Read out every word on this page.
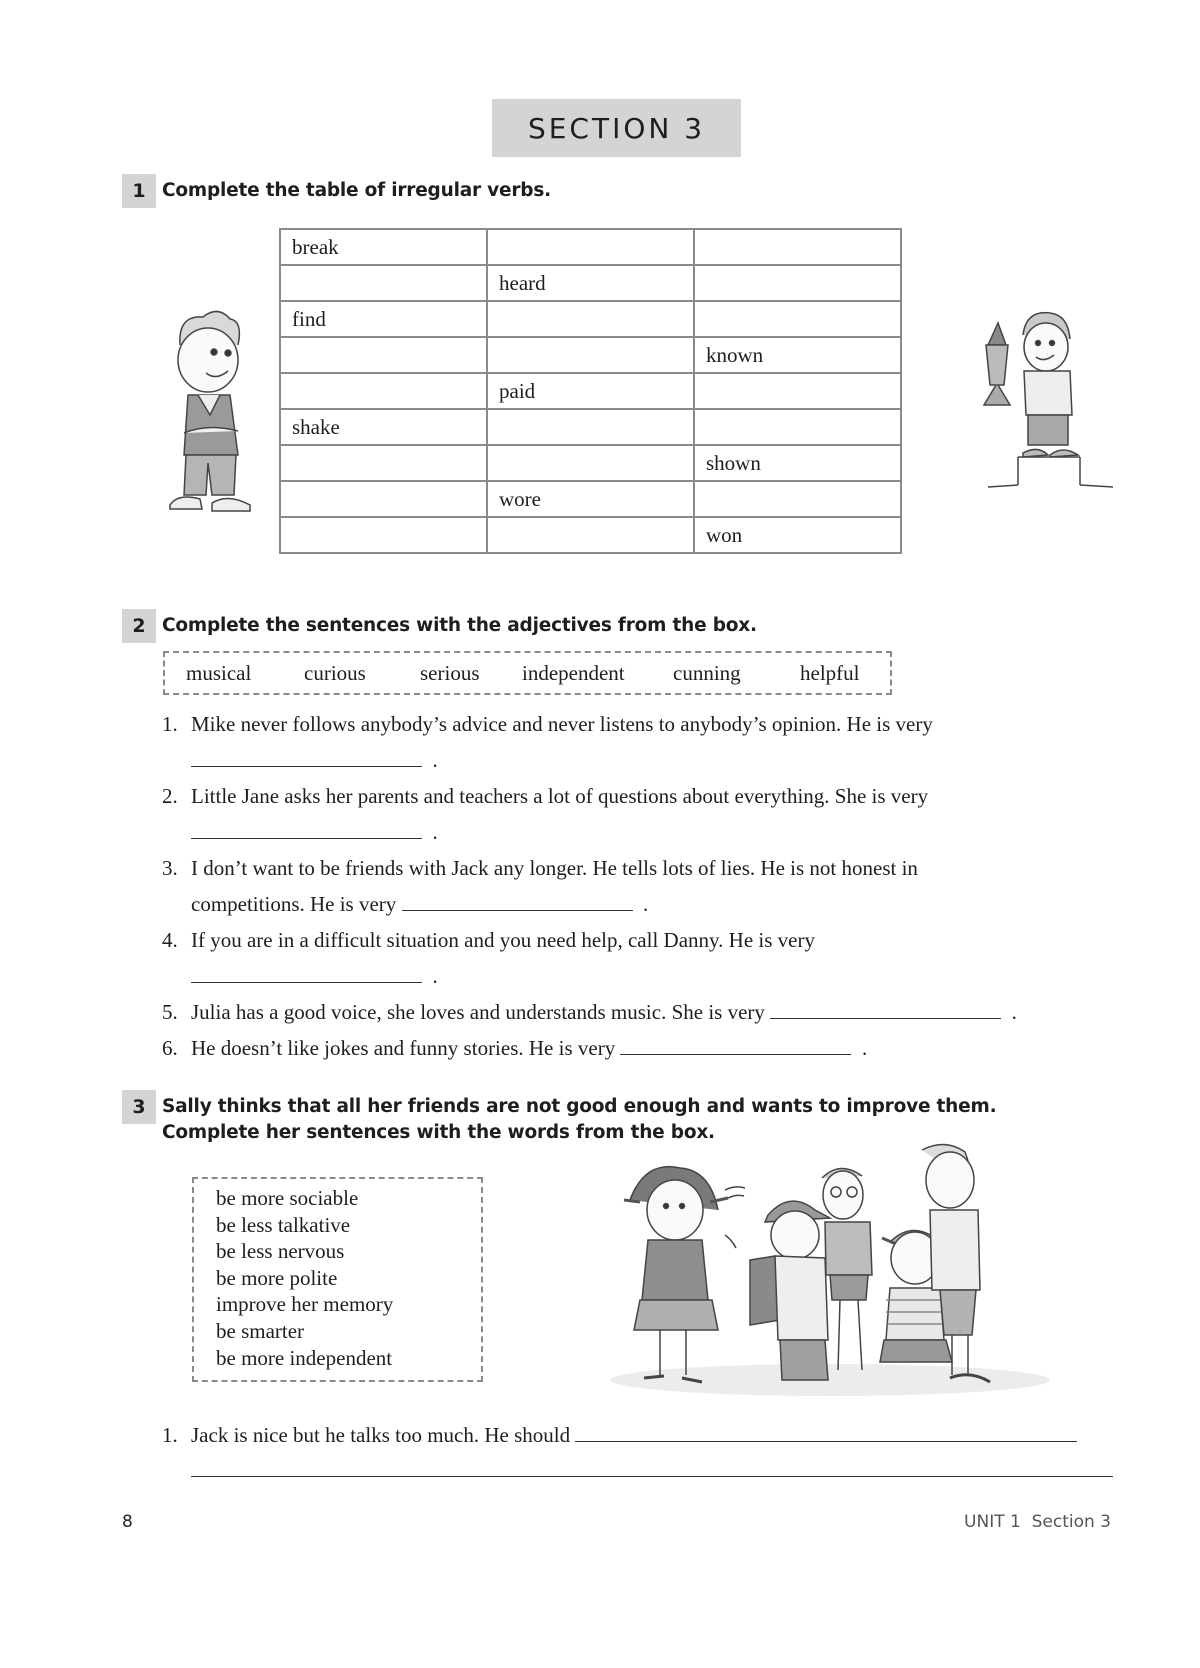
SECTION 3
1 Complete the table of irregular verbs.
break		
	heard	
find		
		known
	paid	
shake		
		shown
	wore	
		won
2 Complete the sentences with the adjectives from the box.
musical	curious	serious independent cunning	helpful
1. Mike never follows anybody’s advice and never listens to anybody’s opinion. He is very
.
2. Little Jane asks her parents and teachers a lot of questions about everything. She is very
.
3. I don’t want to be friends with Jack any longer. He tells lots of lies. He is not honest in
competitions. He is very	.
4. If you are in a difficult situation and you need help, call Danny. He is very
.
5. Julia has a good voice, she loves and understands music. She is very	.
6. He doesn’t like jokes and funny stories. He is very	.
3 Sally thinks that all her friends are not good enough and wants to improve them.
Complete her sentences with the words from the box.
be more sociable
be less talkative
be less nervous
be more polite
improve her memory
be smarter
be more independent
1. Jack is nice but he talks too much. He should
8	UNIT 1  Section 3
